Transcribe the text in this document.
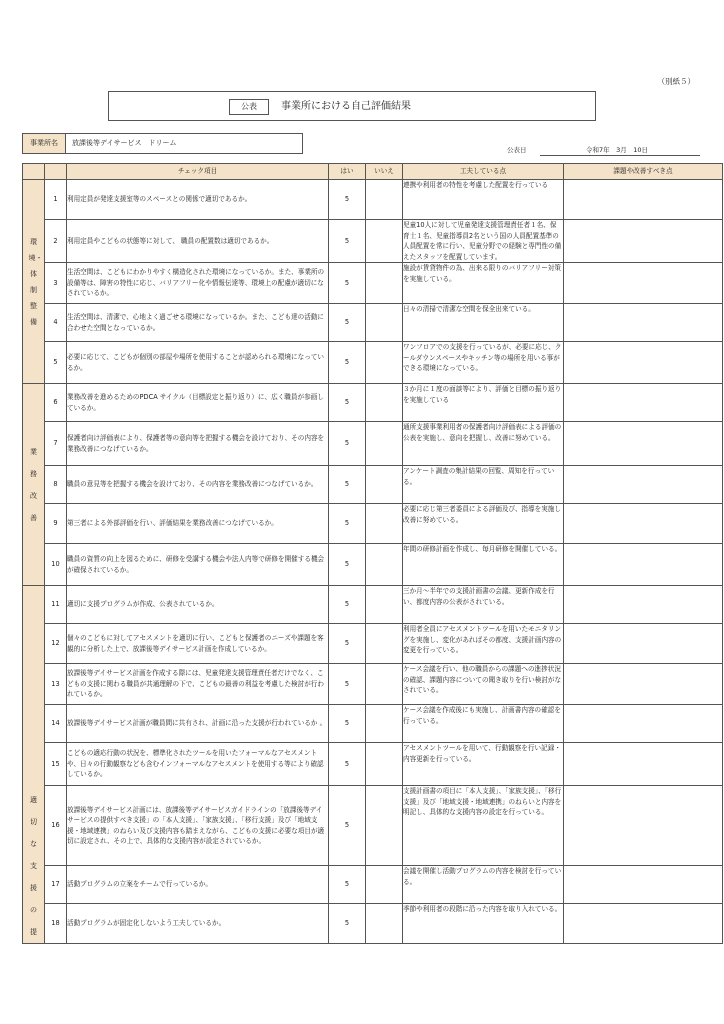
（別紙５）
公表	事業所における自己評価結果
事業所名	放課後等デイサービス　ドリーム
公表日	令和7年　3月　10日
		チェック項目	はい	いいえ	工夫している点	課題や改善すべき点

環境・体制整備	1	利用定員が発達支援室等のスペースとの関係で適切であるか。	5		連携や利用者の特性を考慮した配置を行っている	
	2	利用定員やこどもの状態等に対して、 職員の配置数は適切であるか。	5		児童10人に対して児童発達支援管理責任者１名、保育士１名、児童指導員2名という国の人員配置基準の人員配置を常に行い、児童分野での経験と専門性の備えたスタッフを配置しています。	
	3	生活空間は、こどもにわかりやすく構造化された環境になっているか。また、事業所の設備等は、障害の特性に応じ、バリアフリー化や情報伝達等、環境上の配慮が適切になされているか。	5		施設が賃貸物件の為、出来る限りのバリアフリー対策を実施している。	
	4	生活空間は、清潔で、心地よく過ごせる環境になっているか。また、こども達の活動に合わせた空間となっているか。	5		日々の清掃で清潔な空間を保全出来ている。	
	5	必要に応じて、こどもが個別の部屋や場所を使用することが認められる環境になっているか。	5		ワンフロアでの支援を行っているが、必要に応じ、クールダウンスペースやキッチン等の場所を用いる事ができる環境になっている。	

業務改善	6	業務改善を進めるためのPDCA サイクル（目標設定と振り返り）に、広く職員が参画しているか。	5		３か月に１度の面談等により、評価と目標の振り返りを実施している	
	7	保護者向け評価表により、保護者等の意向等を把握する機会を設けており、その内容を業務改善につなげているか。	5		通所支援事業利用者の保護者向け評価表による評価の公表を実施し、意向を把握し、改善に努めている。	
	8	職員の意見等を把握する機会を設けており、その内容を業務改善につなげているか。	5		アンケート調査の集計結果の回覧、周知を行っている。	
	9	第三者による外部評価を行い、評価結果を業務改善につなげているか。	5		必要に応じ第三者委員による評価及び、指導を実施し改善に努めている。	
	10	職員の資質の向上を図るために、研修を受講する機会や法人内等で研修を開催する機会が確保されているか。	5		年間の研修計画を作成し、毎月研修を開催している。	

適切な支援の提	11	適切に支援プログラムが作成、公表されているか。	5		三か月～半年での支援計画書の会議、更新作成を行い、都度内容の公表がされている。	
	12	個々のこどもに対してアセスメントを適切に行い、こどもと保護者のニーズや課題を客観的に分析した上で、放課後等デイサービス計画を作成しているか。	5		利用者全員にアセスメントツールを用いたモニタリングを実施し、変化があればその都度、支援計画内容の変更を行っている。	
	13	放課後等デイサービス計画を作成する際には、児童発達支援管理責任者だけでなく、こどもの支援に関わる職員が共通理解の下で、こどもの最善の利益を考慮した検討が行われているか。	5		ケース会議を行い、他の職員からの課題への進捗状況の確認、課題内容についての聞き取りを行い検討がなされている。	
	14	放課後等デイサービス計画が職員間に共有され、計画に沿った支援が行われているか 。	5		ケース会議を作成後にも実施し、計画書内容の確認を行っている。	
	15	こどもの適応行動の状況を、標準化されたツールを用いたフォーマルなアセスメントや、日々の行動観察なども含むインフォーマルなアセスメントを使用する等により確認しているか。	5		アセスメントツールを用いて、行動観察を行い記録・内容更新を行っている。	
	16	放課後等デイサービス計画には、放課後等デイサービスガイドラインの「放課後等デイサービスの提供すべき支援」の「本人支援」、「家族支援」、「移行支援」及び「地域支援・地域連携」のねらい及び支援内容も踏まえながら、こどもの支援に必要な項目が適切に設定され、その上で、具体的な支援内容が設定されているか。	5		支援計画書の項目に「本人支援」、「家族支援」、「移行支援」及び「地域支援・地域連携」のねらいと内容を明記し、具体的な支援内容の設定を行っている。	
	17	活動プログラムの立案をチームで行っているか。	5		会議を開催し活動プログラムの内容を検討を行っている。	
	18	活動プログラムが固定化しないよう工夫しているか。	5		季節や利用者の段階に沿った内容を取り入れている。	
